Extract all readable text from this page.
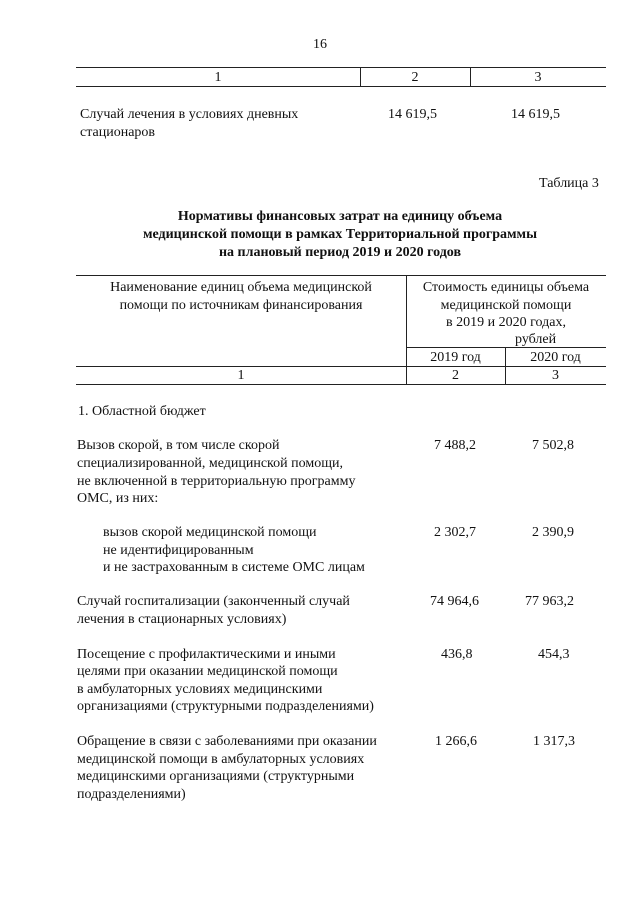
16
1	2	3
Случай лечения в условиях дневных
стационаров
14 619,5	14 619,5
Таблица 3
Нормативы финансовых затрат на единицу объема
медицинской помощи в рамках Территориальной программы
на плановый период 2019 и 2020 годов
Наименование единиц объема медицинской
помощи по источникам финансирования
Стоимость единицы объема
медицинской помощи
в 2019 и 2020 годах,
рублей
2019 год	2020 год
1	2	3
1. Областной бюджет
Вызов скорой, в том числе скорой
специализированной, медицинской помощи,
не включенной в территориальную программу
ОМС, из них:
7 488,2	7 502,8
вызов скорой медицинской помощи
не идентифицированным
и не застрахованным в системе ОМС лицам
2 302,7	2 390,9
Случай госпитализации (законченный случай
лечения в стационарных условиях)
74 964,6	77 963,2
Посещение с профилактическими и иными
целями при оказании медицинской помощи
в амбулаторных условиях медицинскими
организациями (структурными подразделениями)
436,8	454,3
Обращение в связи с заболеваниями при оказании
медицинской помощи в амбулаторных условиях
медицинскими организациями (структурными
подразделениями)
1 266,6	1 317,3
